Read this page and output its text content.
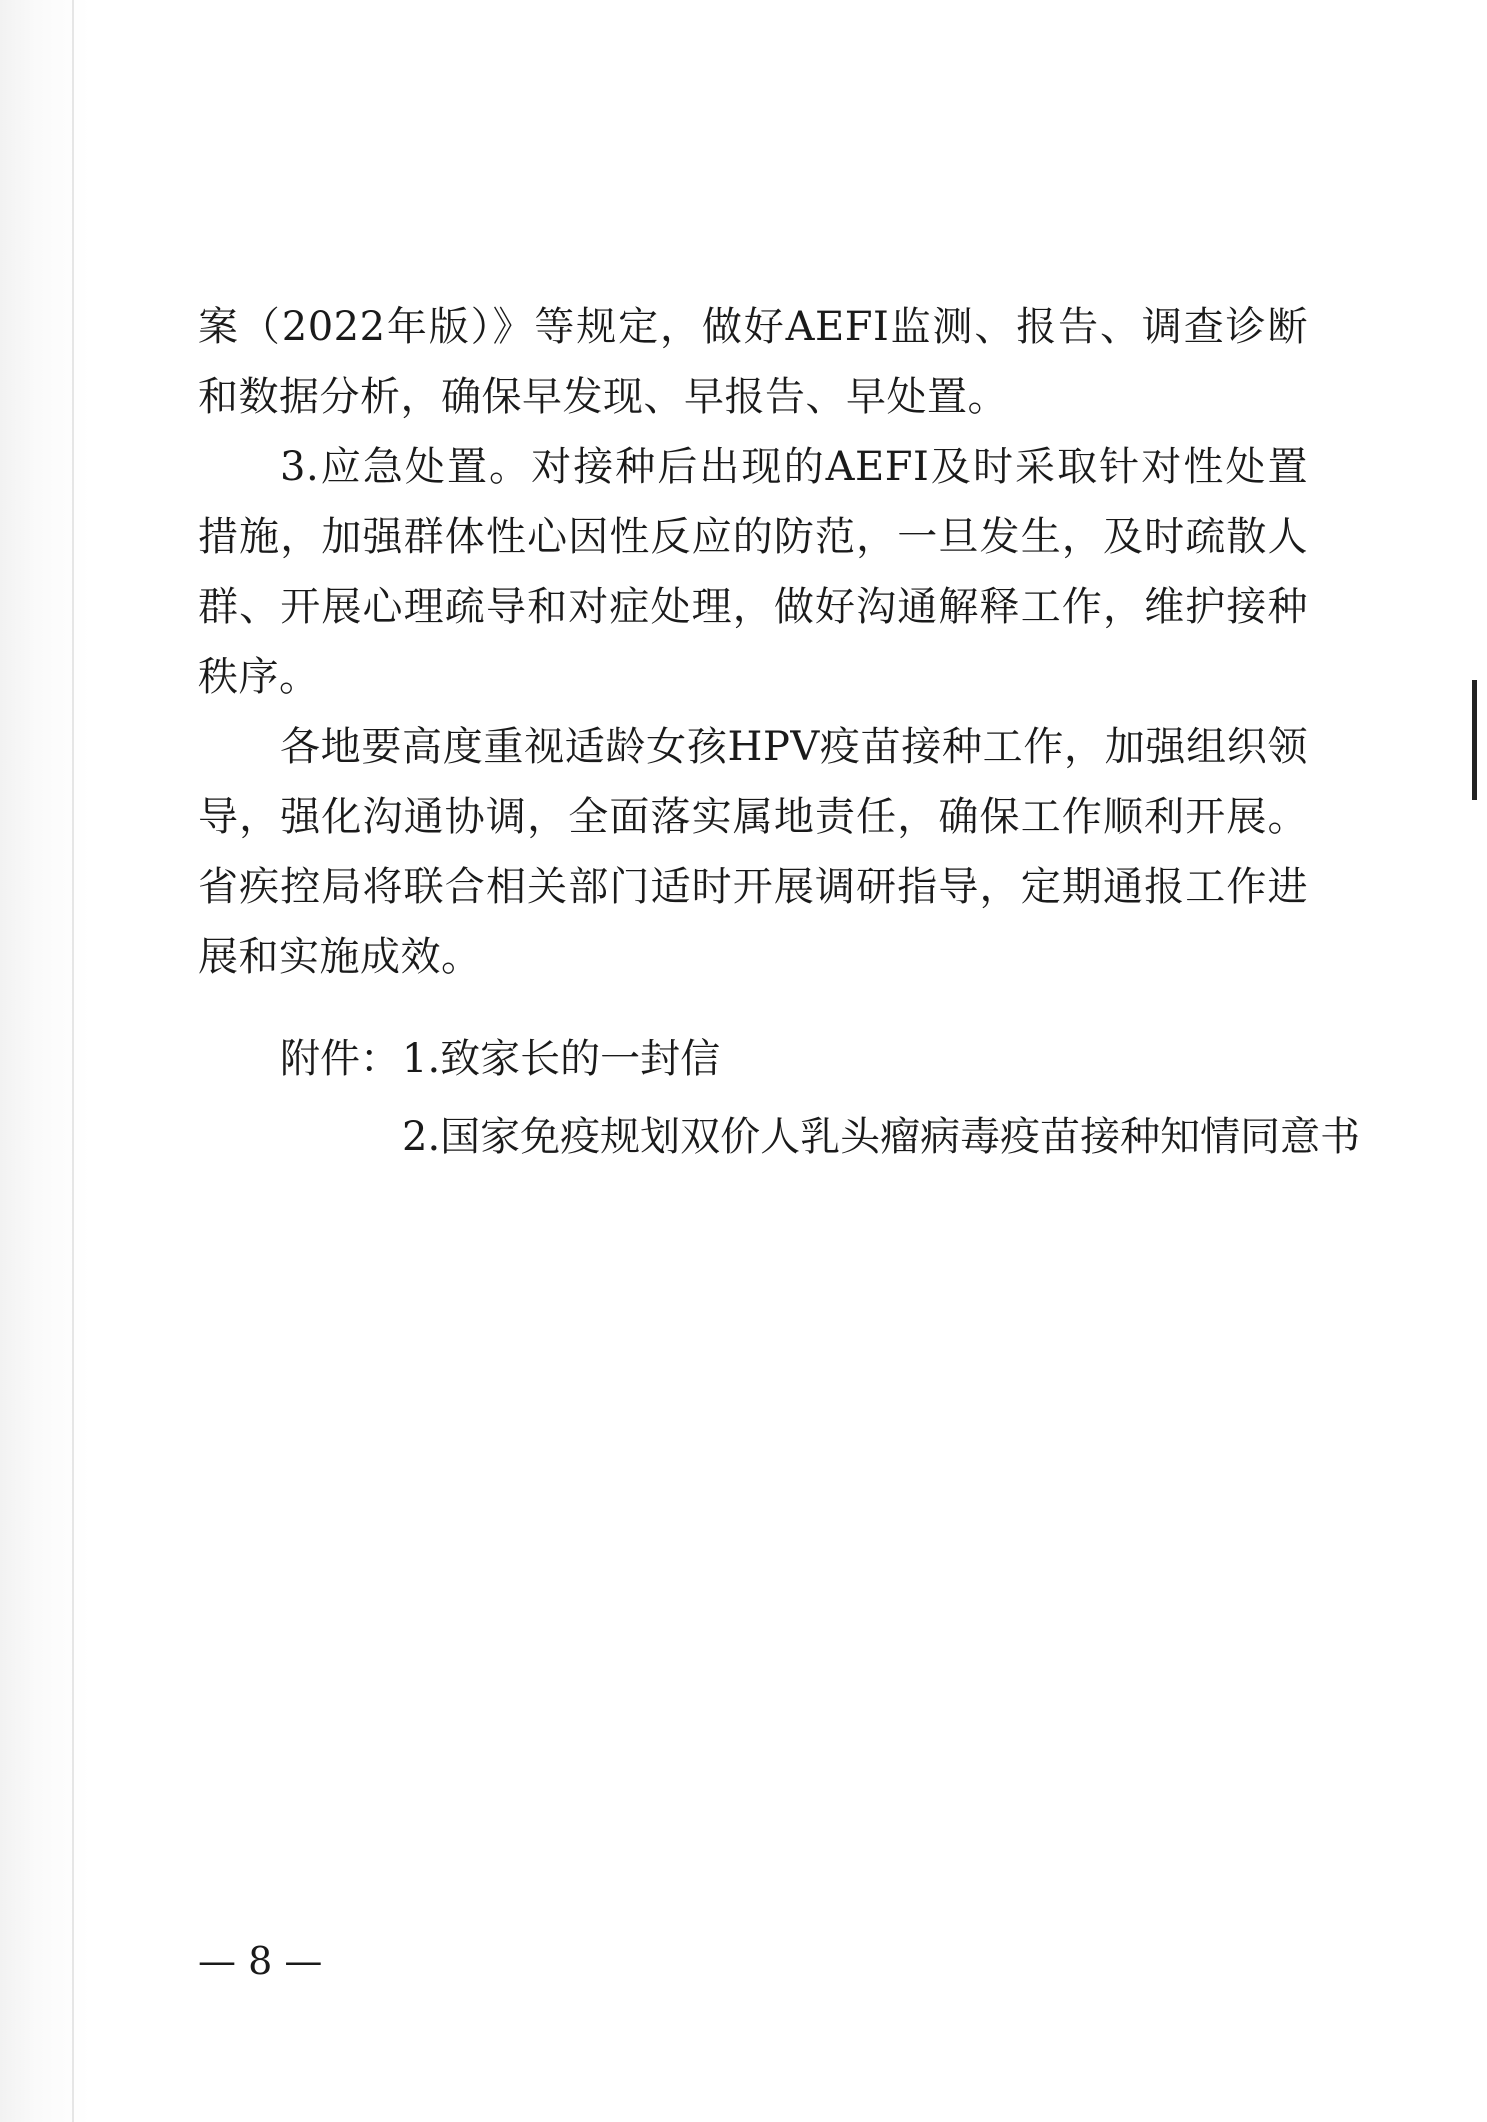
案（2022年版）》等规定，做好AEFI监测、报告、调查诊断和数据分析，确保早发现、早报告、早处置。

3.应急处置。对接种后出现的AEFI及时采取针对性处置措施，加强群体性心因性反应的防范，一旦发生，及时疏散人群、开展心理疏导和对症处理，做好沟通解释工作，维护接种秩序。

各地要高度重视适龄女孩HPV疫苗接种工作，加强组织领导，强化沟通协调，全面落实属地责任，确保工作顺利开展。省疾控局将联合相关部门适时开展调研指导，定期通报工作进展和实施成效。

附件： 1.致家长的一封信
2.国家免疫规划双价人乳头瘤病毒疫苗接种知情同意书
— 8 —
